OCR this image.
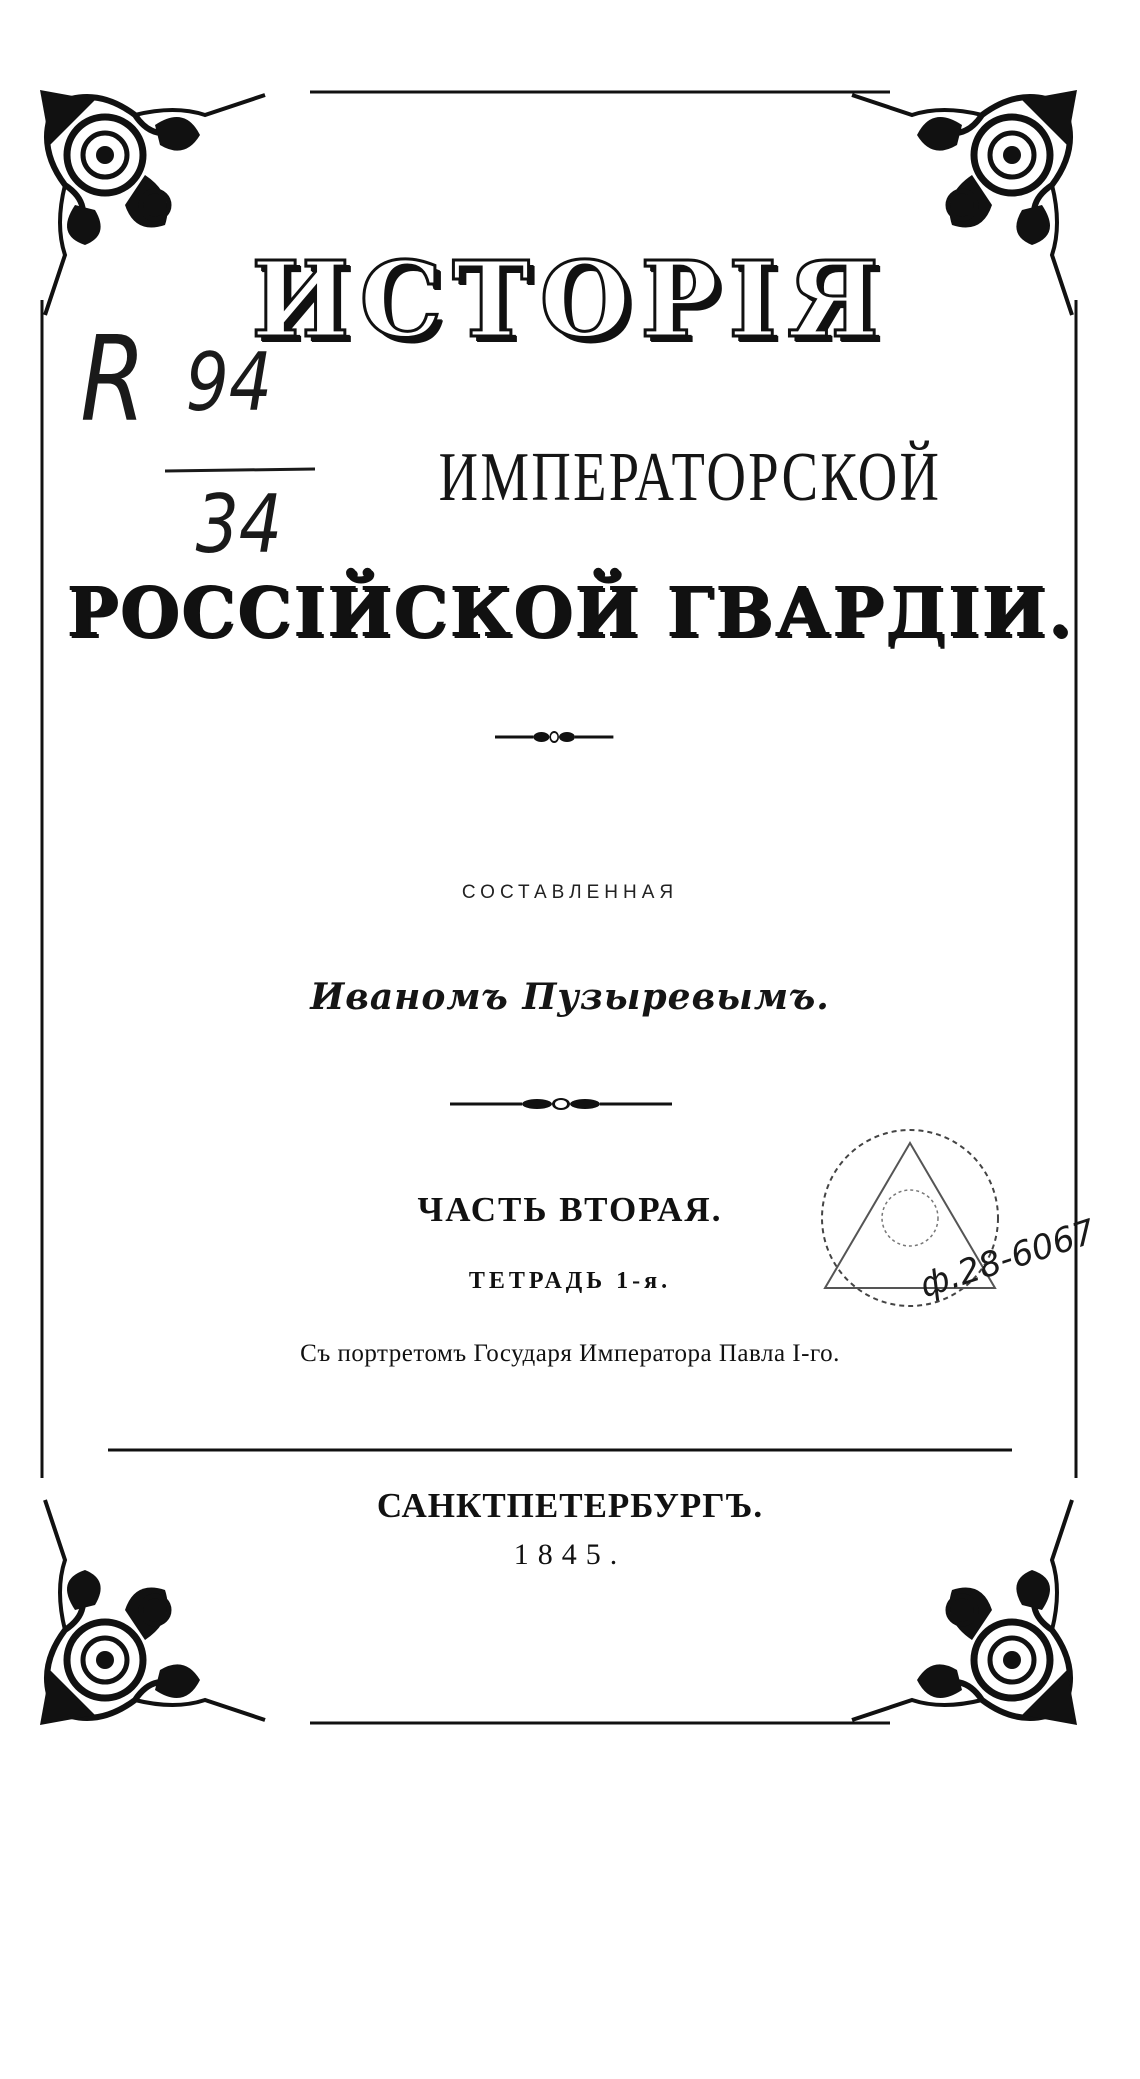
ИСТОРІЯ
ИМПЕРАТОРСКОЙ
РОССІЙСКОЙ ГВАРДІИ.
СОСТАВЛЕННАЯ
Иваномъ Пузыревымъ.
ЧАСТЬ ВТОРАЯ.
ТЕТРАДЬ 1-я.
Съ портретомъ Государя Императора Павла I-го.
САНКТПЕТЕРБУРГЪ.
1845.
R 94
34
ф.28-6067
